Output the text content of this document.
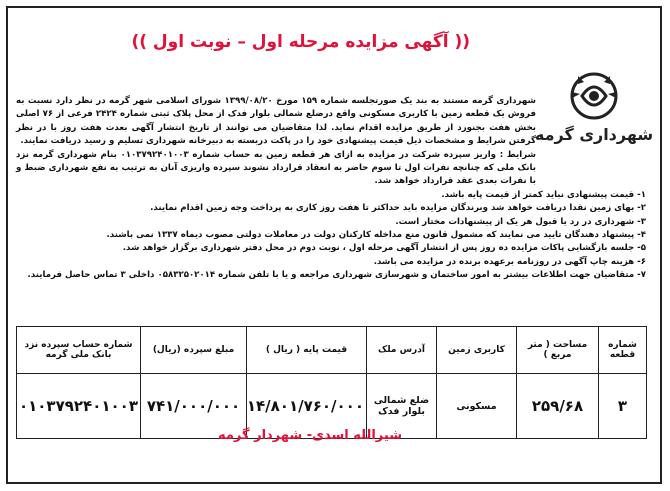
(( آگهی مزایده مرحله اول – نوبت اول ))
شهرداری گرمه

شهرداری گرمه مستند به بند یک صورتجلسه شماره ۱۵۹ مورخ ۱۳۹۹/۰۸/۲۰ شورای اسلامی شهر گرمه در نظر دارد نسبت به فروش یک قطعه زمین با کاربری مسکونی واقع درضلع شمالی بلوار فدک از محل پلاک ثبتی شماره ۲۴۲۴ فرعی از ۷۶ اصلی بخش هفت بجنورد از طریق مزایده اقدام نماید. لذا متقاضیان می توانند از تاریخ انتشار آگهی بعدت هفت روز با در نظر گرفتن شرایط و مشخصات ذیل قیمت پیشنهادی خود را در پاکت دربسته به دبیرخانه شهرداری تسلیم و رسید دریافت نمایند.

شرایط : واریز سپرده شرکت در مزایده به ازای هر قطعه زمین به حساب شماره ۰۱۰۳۷۹۲۴۰۱۰۰۳ بنام شهرداری گرمه نزد بانک ملی که چنانچه نفرات اول تا سوم حاضر به انعقاد قرارداد نشوند سپرده واریزی آنان به ترتیب به نفع شهرداری ضبط و با نفرات بعدی عقد قرارداد خواهد شد.

۱- قیمت پیشنهادی نباید کمتر از قیمت پایه باشد.

۲- بهای زمین نقدا دریافت خواهد شد وبرندگان مزایده باید حداکثر تا هفت روز کاری به پرداخت وجه زمین اقدام نمایند.

۳- شهرداری در رد یا قبول هر یک از پیشنهادات مختار است.

۴- پیشنهاد دهندگان تایید می نمایند که مشمول قانون منع مداخله کارکنان دولت در معاملات دولتی مصوب دیماه ۱۳۳۷ نمی باشند.

۵- جلسه بازگشایی پاکات مزایده ده روز پس از انتشار آگهی مرحله اول ، نوبت دوم در محل دفتر شهرداری برگزار خواهد شد.

۶- هزینه چاپ آگهی در روزنامه برعهده برنده در مزایده می باشد.

۷- متقاضیان جهت اطلاعات بیشتر به امور ساختمان و شهرسازی شهرداری مراجعه و یا با تلفن شماره ۰۵۸۳۲۵۰۲۰۱۴ داخلی ۳ تماس حاصل فرمایند.

شماره قطعه	مساحت ( متر مربع )	کاربری زمین	آدرس ملک	قیمت پایه ( ریال )	مبلغ سپرده (ریال)	شماره حساب سپرده نزد بانک ملی گرمه
۳	۲۵۹/۶۸	مسکونی	ضلع شمالی بلوار فدک	۱۴/۸۰۱/۷۶۰/۰۰۰	۷۴۱/۰۰۰/۰۰۰	۰۱۰۳۷۹۲۴۰۱۰۰۳
شیرالله اسدی- شهردار گرمه
